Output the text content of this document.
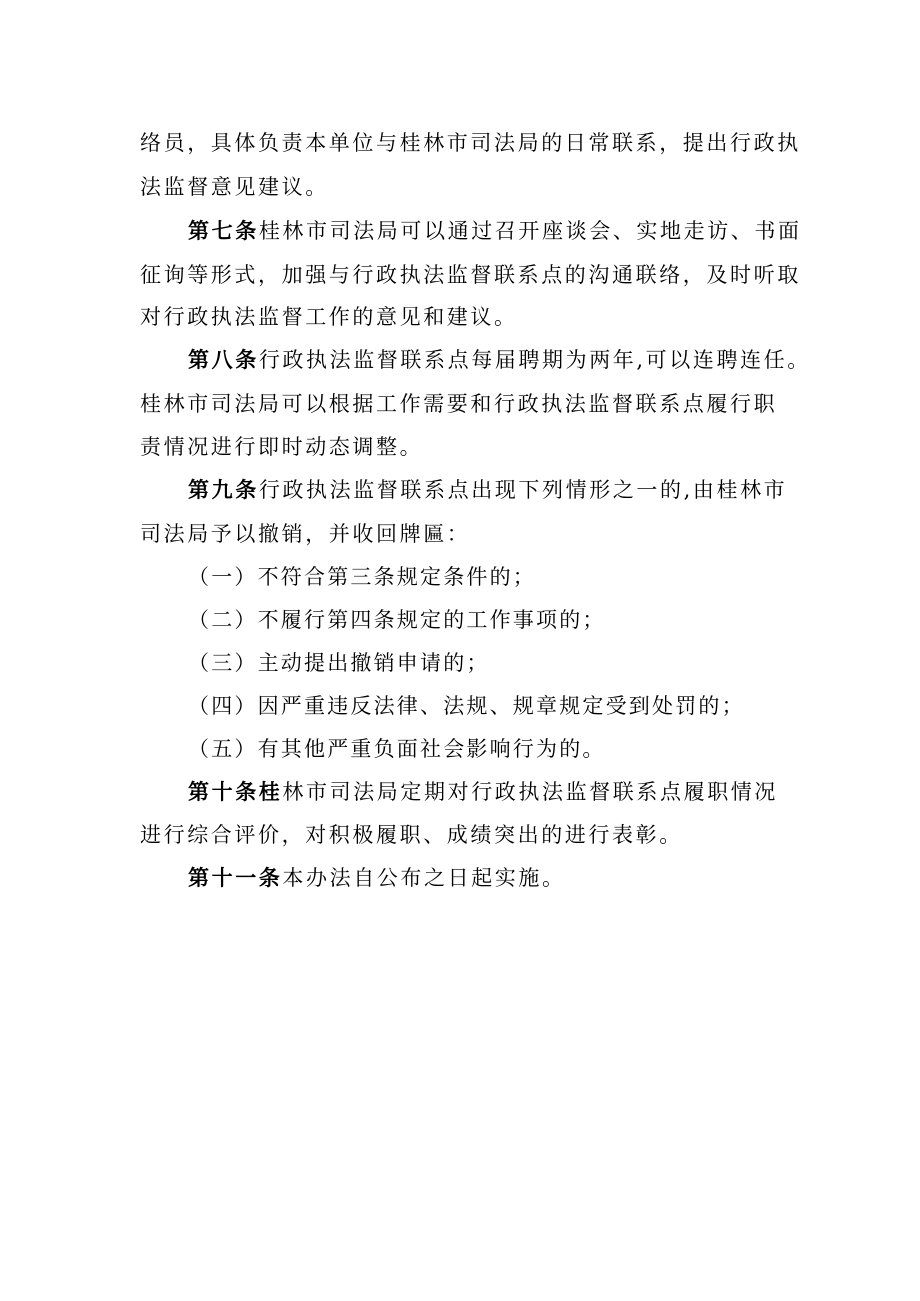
络员，具体负责本单位与桂林市司法局的日常联系，提出行政执
法监督意见建议。
第七条桂林市司法局可以通过召开座谈会、实地走访、书面
征询等形式，加强与行政执法监督联系点的沟通联络，及时听取
对行政执法监督工作的意见和建议。
第八条行政执法监督联系点每届聘期为两年,可以连聘连任。
桂林市司法局可以根据工作需要和行政执法监督联系点履行职
责情况进行即时动态调整。
第九条行政执法监督联系点出现下列情形之一的,由桂林市
司法局予以撤销，并收回牌匾：
（一）不符合第三条规定条件的；
（二）不履行第四条规定的工作事项的；
（三）主动提出撤销申请的；
（四）因严重违反法律、法规、规章规定受到处罚的；
（五）有其他严重负面社会影响行为的。
第十条桂林市司法局定期对行政执法监督联系点履职情况
进行综合评价，对积极履职、成绩突出的进行表彰。
第十一条本办法自公布之日起实施。
